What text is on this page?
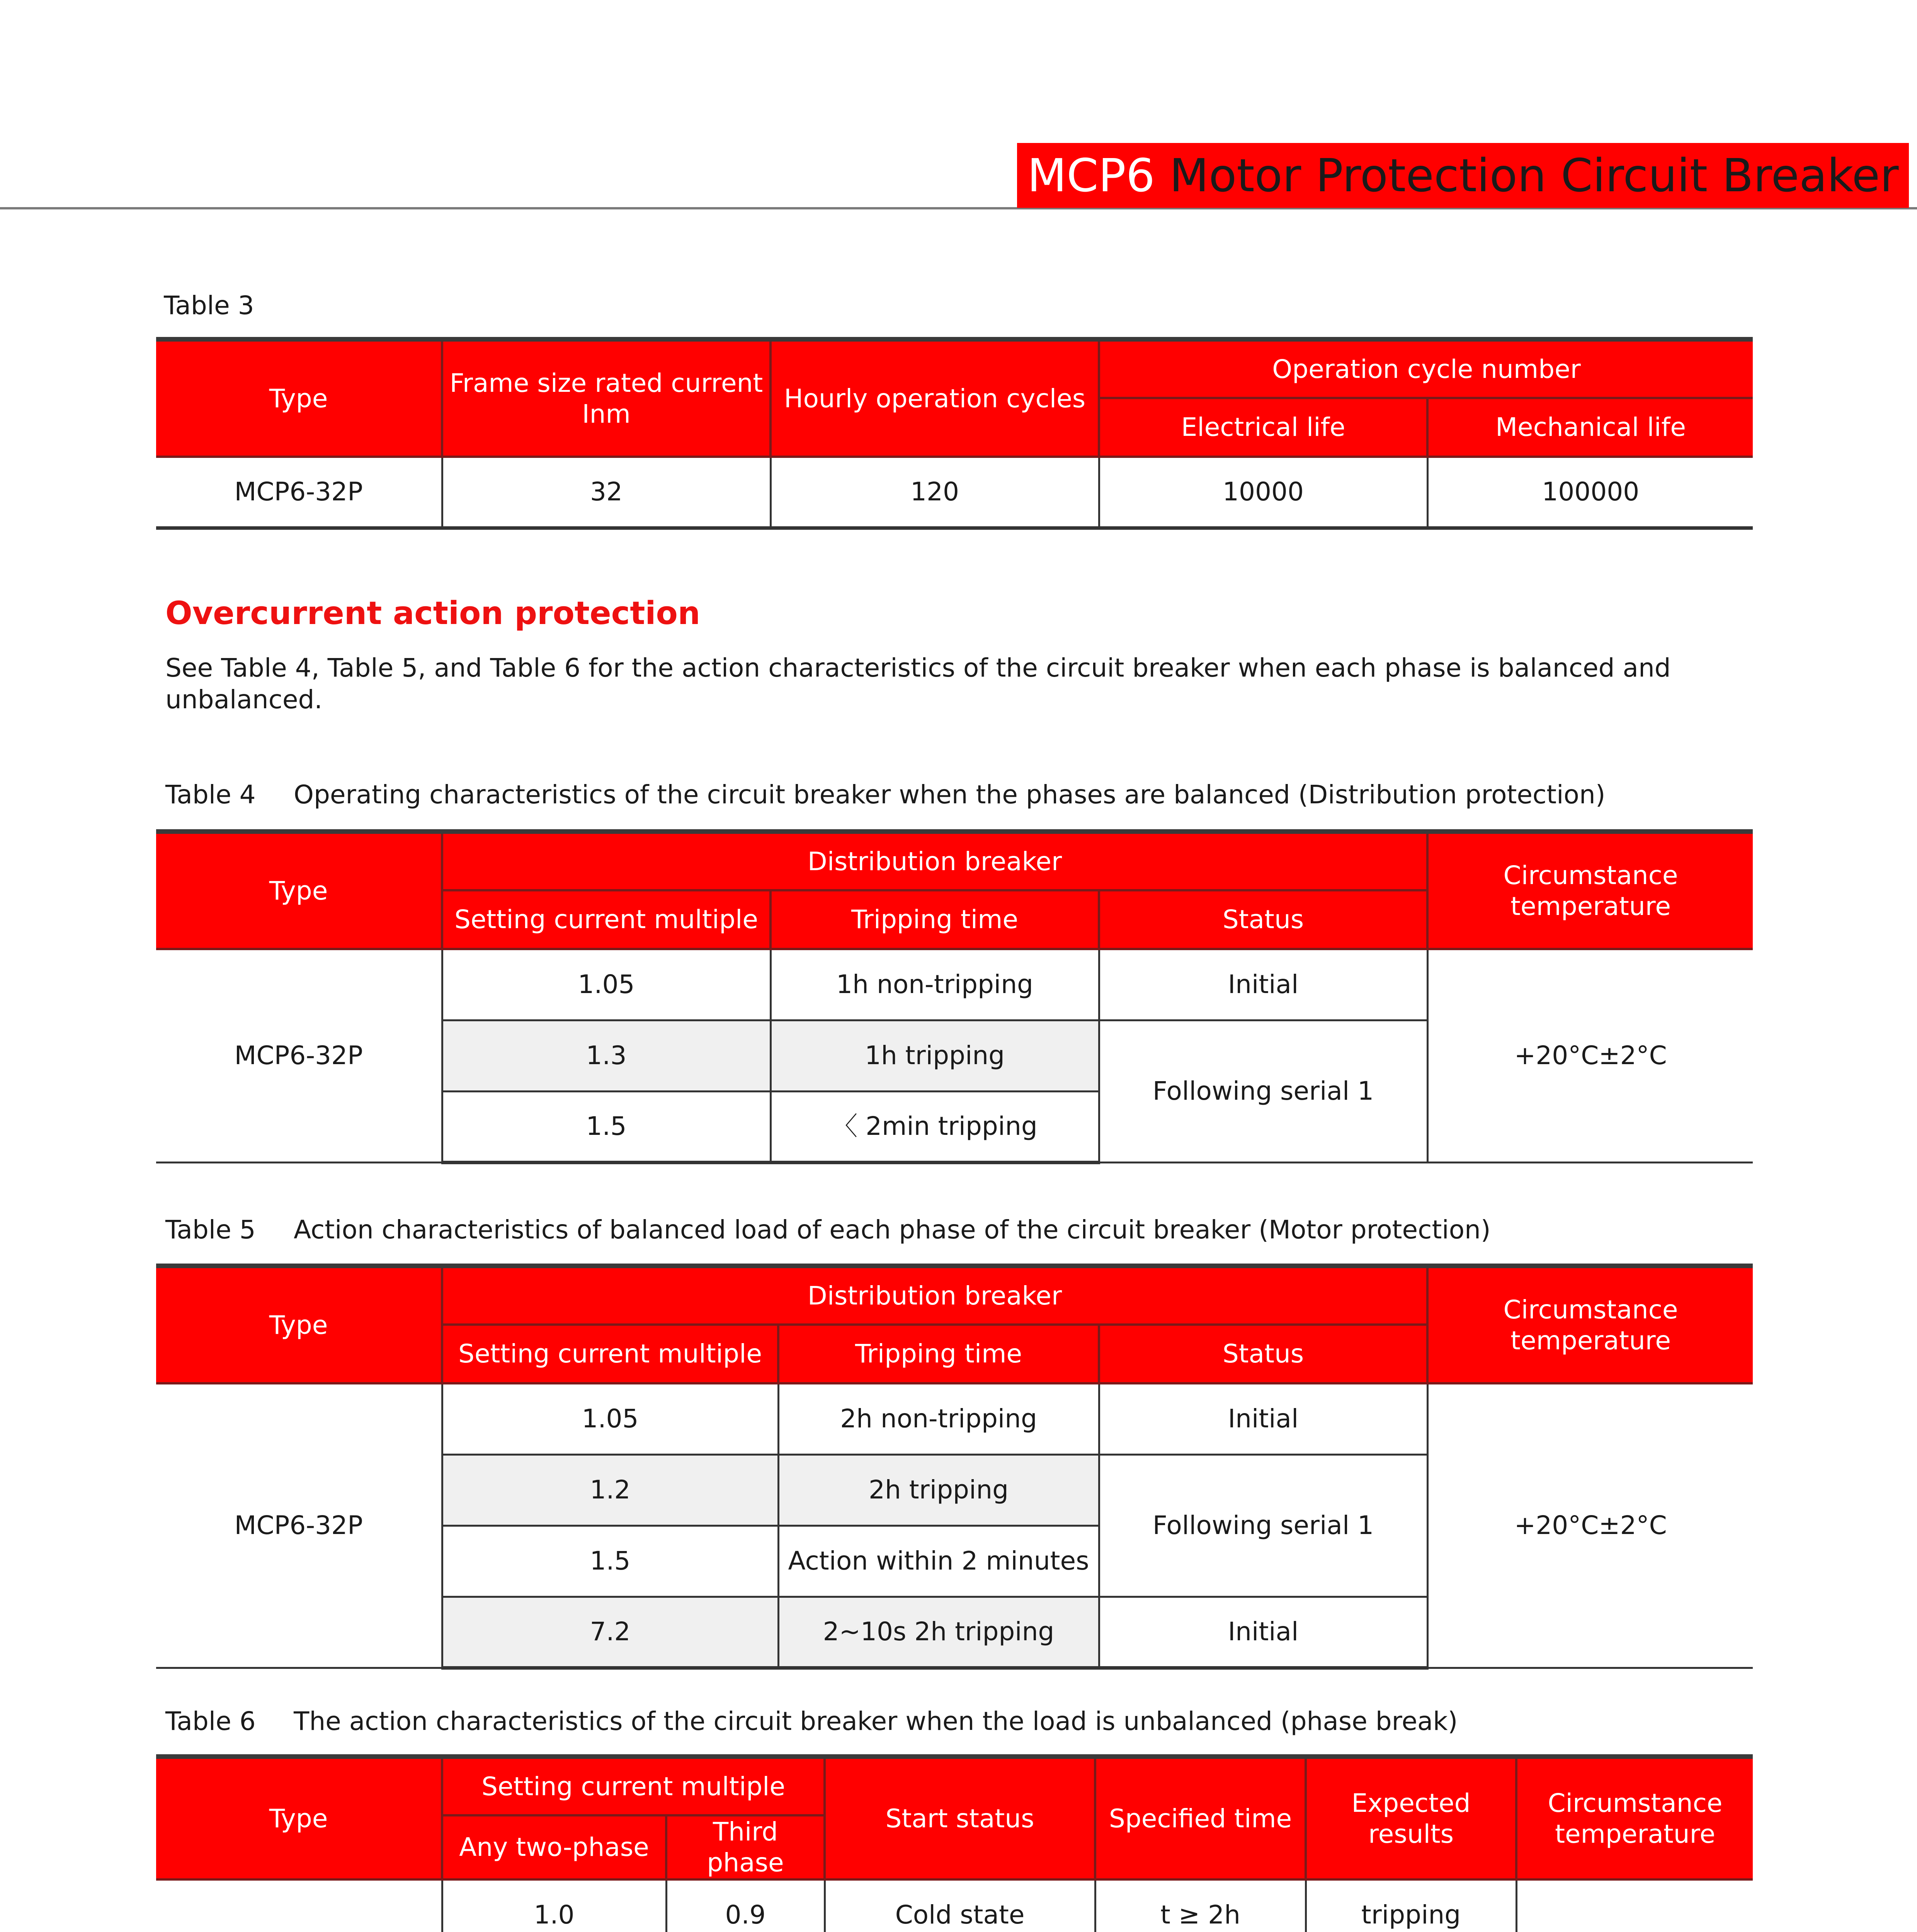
MCP6
Motor Protection Circuit Breaker
Table 3
Type	Frame size rated current Inm	Hourly operation cycles	Operation cycle number	
			Electrical life	Mechanical life
MCP6-32P	32	120	10000	100000
Overcurrent action protection
See Table 4, Table 5, and Table 6 for the action characteristics of the circuit breaker when each phase is balanced and unbalanced.
Table 4 Operating characteristics of the circuit breaker when the phases are balanced (Distribution protection)
Type	Distribution breaker			Circumstance temperature
	Setting current multiple	Tripping time	Status	
MCP6-32P	1.05	1h non-tripping	Initial	+20°C±2°C
	1.3	1h tripping	Following serial 1	
	1.5	〈 2min tripping		
Table 5 Action characteristics of balanced load of each phase of the circuit breaker (Motor protection)
Type	Distribution breaker			Circumstance temperature
	Setting current multiple	Tripping time	Status	
MCP6-32P	1.05	2h non-tripping	Initial	+20°C±2°C
	1.2	2h tripping	Following serial 1	
	1.5	Action within 2 minutes		
	7.2	2~10s 2h tripping	Initial	
Table 6 The action characteristics of the circuit breaker when the load is unbalanced (phase break)
Type	Setting current multiple		Start status	Specified time	Expected results	Circumstance temperature
	Any two-phase	Third phase				
	1.0	0.9	Cold state	t ≥ 2h	tripping	
